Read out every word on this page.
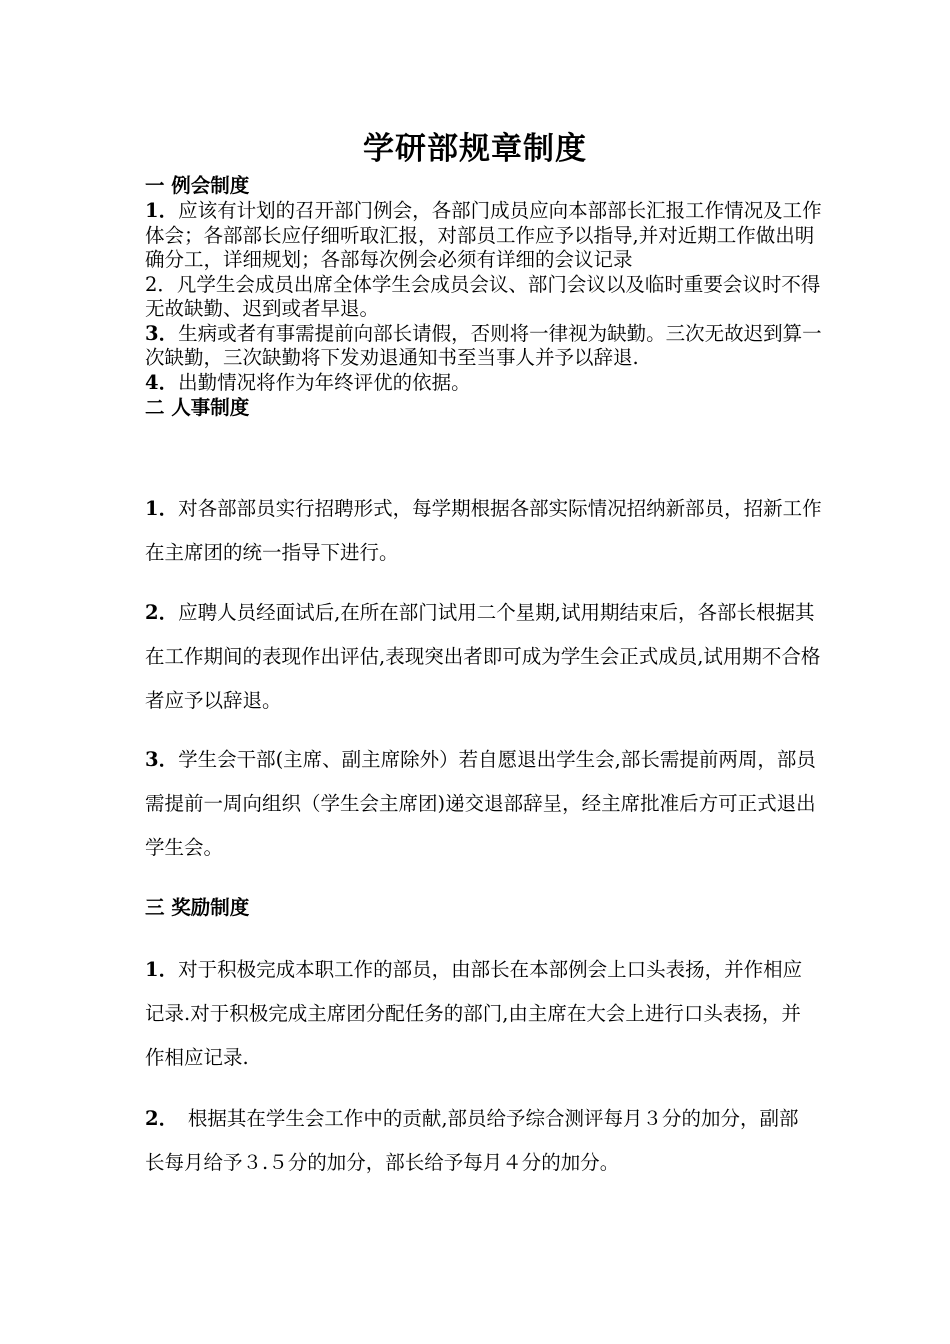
学研部规章制度
一 例会制度

1．应该有计划的召开部门例会，各部门成员应向本部部长汇报工作情况及工作体会；各部部长应仔细听取汇报，对部员工作应予以指导,并对近期工作做出明确分工，详细规划；各部每次例会必须有详细的会议记录

2．凡学生会成员出席全体学生会成员会议、部门会议以及临时重要会议时不得无故缺勤、迟到或者早退。

3．生病或者有事需提前向部长请假，否则将一律视为缺勤。三次无故迟到算一次缺勤，三次缺勤将下发劝退通知书至当事人并予以辞退.

4．出勤情况将作为年终评优的依据。

二 人事制度

1．对各部部员实行招聘形式，每学期根据各部实际情况招纳新部员，招新工作在主席团的统一指导下进行。

2．应聘人员经面试后,在所在部门试用二个星期,试用期结束后，各部长根据其在工作期间的表现作出评估,表现突出者即可成为学生会正式成员,试用期不合格者应予以辞退。

3．学生会干部(主席、副主席除外）若自愿退出学生会,部长需提前两周，部员需提前一周向组织（学生会主席团)递交退部辞呈，经主席批准后方可正式退出学生会。

三 奖励制度

1．对于积极完成本职工作的部员，由部长在本部例会上口头表扬，并作相应记录.对于积极完成主席团分配任务的部门,由主席在大会上进行口头表扬，并作相应记录.

2．　根据其在学生会工作中的贡献,部员给予综合测评每月３分的加分，副部长每月给予３.５分的加分，部长给予每月４分的加分。
